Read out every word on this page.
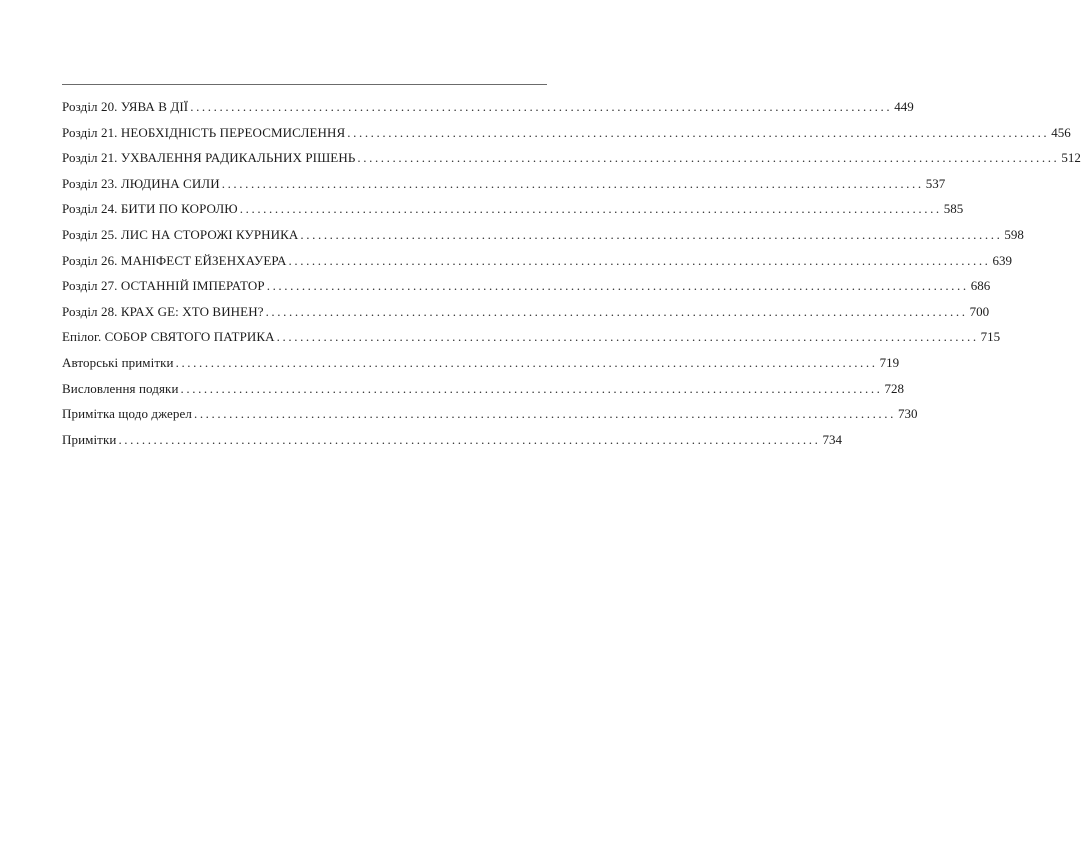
Розділ 20. УЯВА В ДІЇ ........................................................................................................................ 449
Розділ 21. НЕОБХІДНІСТЬ ПЕРЕОСМИСЛЕННЯ ........................................................................................................................ 456
Розділ 21. УХВАЛЕННЯ РАДИКАЛЬНИХ РІШЕНЬ ........................................................................................................................ 512
Розділ 23. ЛЮДИНА СИЛИ ........................................................................................................................ 537
Розділ 24. БИТИ ПО КОРОЛЮ ........................................................................................................................ 585
Розділ 25. ЛИС НА СТОРОЖІ КУРНИКА ........................................................................................................................ 598
Розділ 26. МАНІФЕСТ ЕЙЗЕНХАУЕРА ........................................................................................................................ 639
Розділ 27. ОСТАННІЙ ІМПЕРАТОР ........................................................................................................................ 686
Розділ 28. КРАХ GE: ХТО ВИНЕН? ........................................................................................................................ 700
Епілог. СОБОР СВЯТОГО ПАТРИКА ........................................................................................................................ 715
Авторські примітки ........................................................................................................................ 719
Висловлення подяки ........................................................................................................................ 728
Примітка щодо джерел ........................................................................................................................ 730
Примітки ........................................................................................................................ 734
